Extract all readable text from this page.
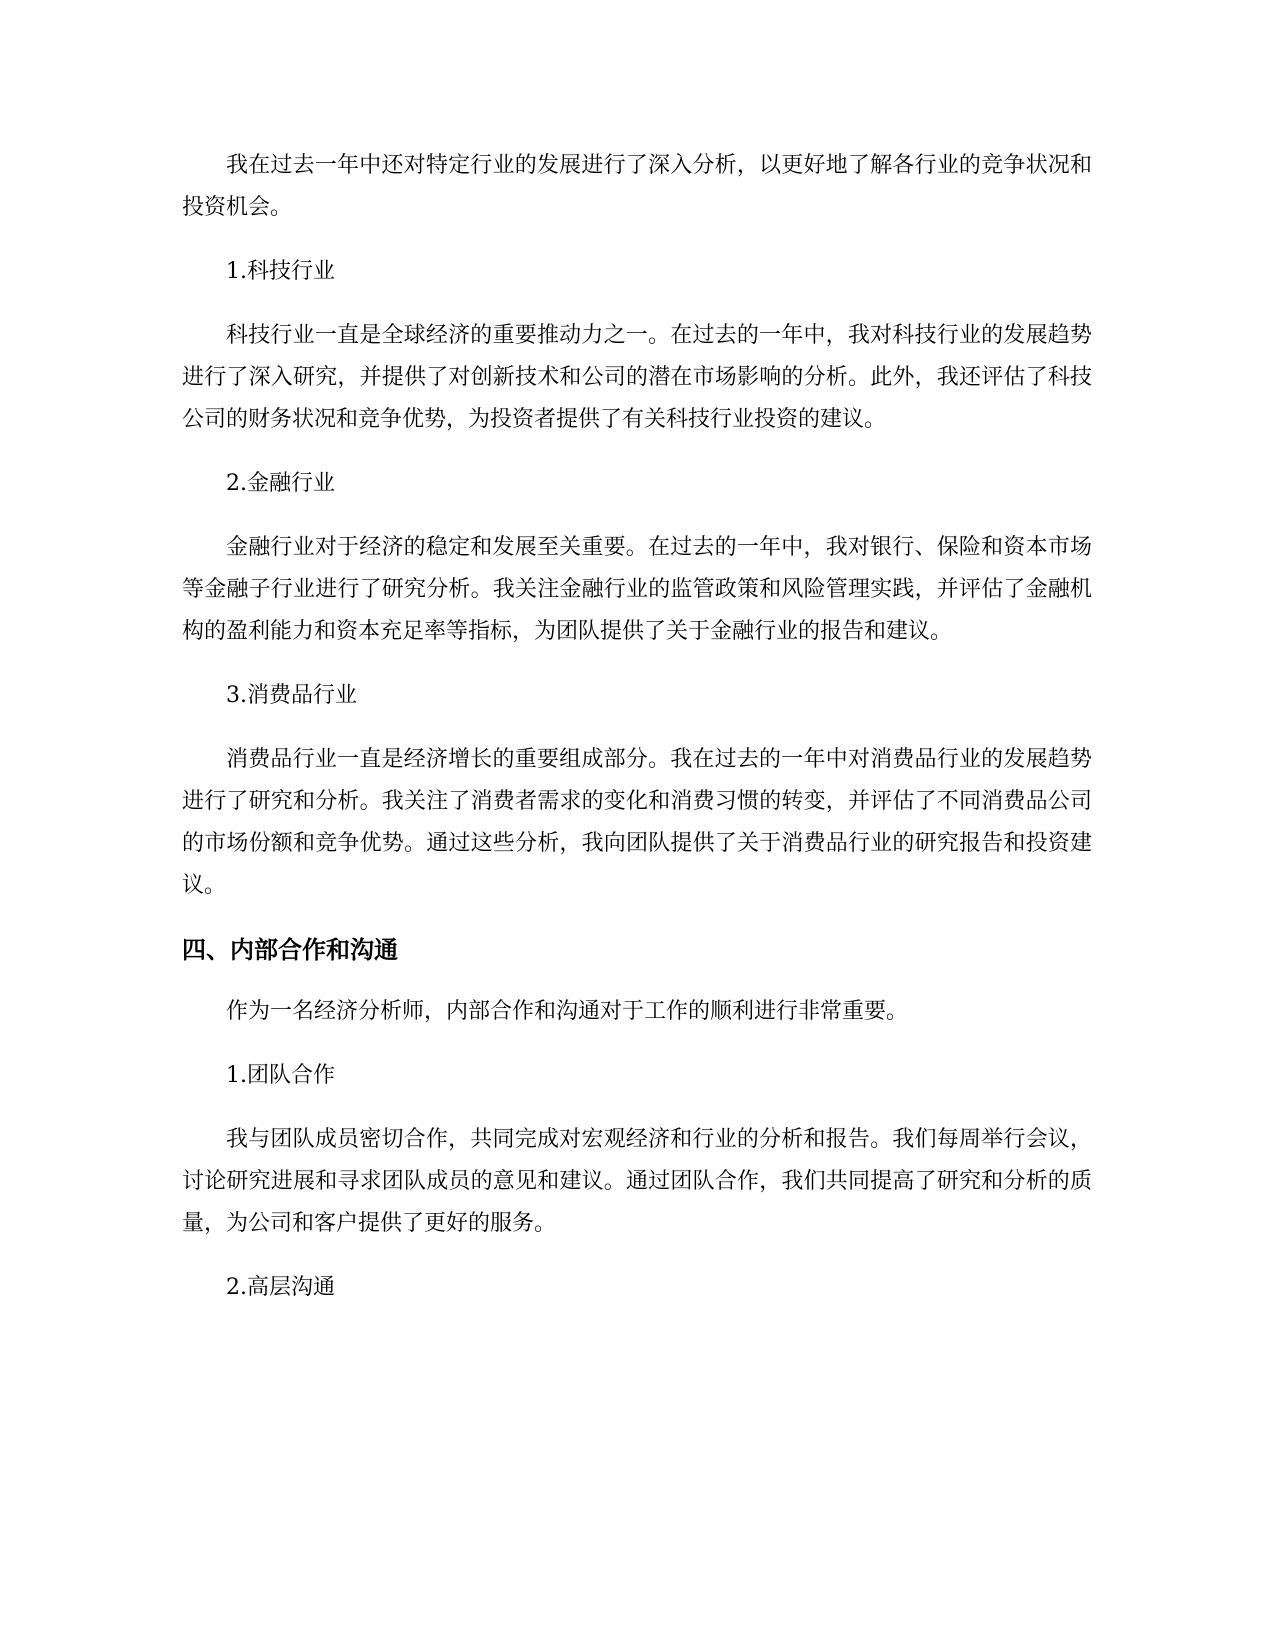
我在过去一年中还对特定行业的发展进行了深入分析，以更好地了解各行业的竞争状况和投资机会。

1.科技行业

科技行业一直是全球经济的重要推动力之一。在过去的一年中，我对科技行业的发展趋势进行了深入研究，并提供了对创新技术和公司的潜在市场影响的分析。此外，我还评估了科技公司的财务状况和竞争优势，为投资者提供了有关科技行业投资的建议。

2.金融行业

金融行业对于经济的稳定和发展至关重要。在过去的一年中，我对银行、保险和资本市场等金融子行业进行了研究分析。我关注金融行业的监管政策和风险管理实践，并评估了金融机构的盈利能力和资本充足率等指标，为团队提供了关于金融行业的报告和建议。

3.消费品行业

消费品行业一直是经济增长的重要组成部分。我在过去的一年中对消费品行业的发展趋势进行了研究和分析。我关注了消费者需求的变化和消费习惯的转变，并评估了不同消费品公司的市场份额和竞争优势。通过这些分析，我向团队提供了关于消费品行业的研究报告和投资建议。

四、内部合作和沟通

作为一名经济分析师，内部合作和沟通对于工作的顺利进行非常重要。

1.团队合作

我与团队成员密切合作，共同完成对宏观经济和行业的分析和报告。我们每周举行会议，讨论研究进展和寻求团队成员的意见和建议。通过团队合作，我们共同提高了研究和分析的质量，为公司和客户提供了更好的服务。

2.高层沟通
